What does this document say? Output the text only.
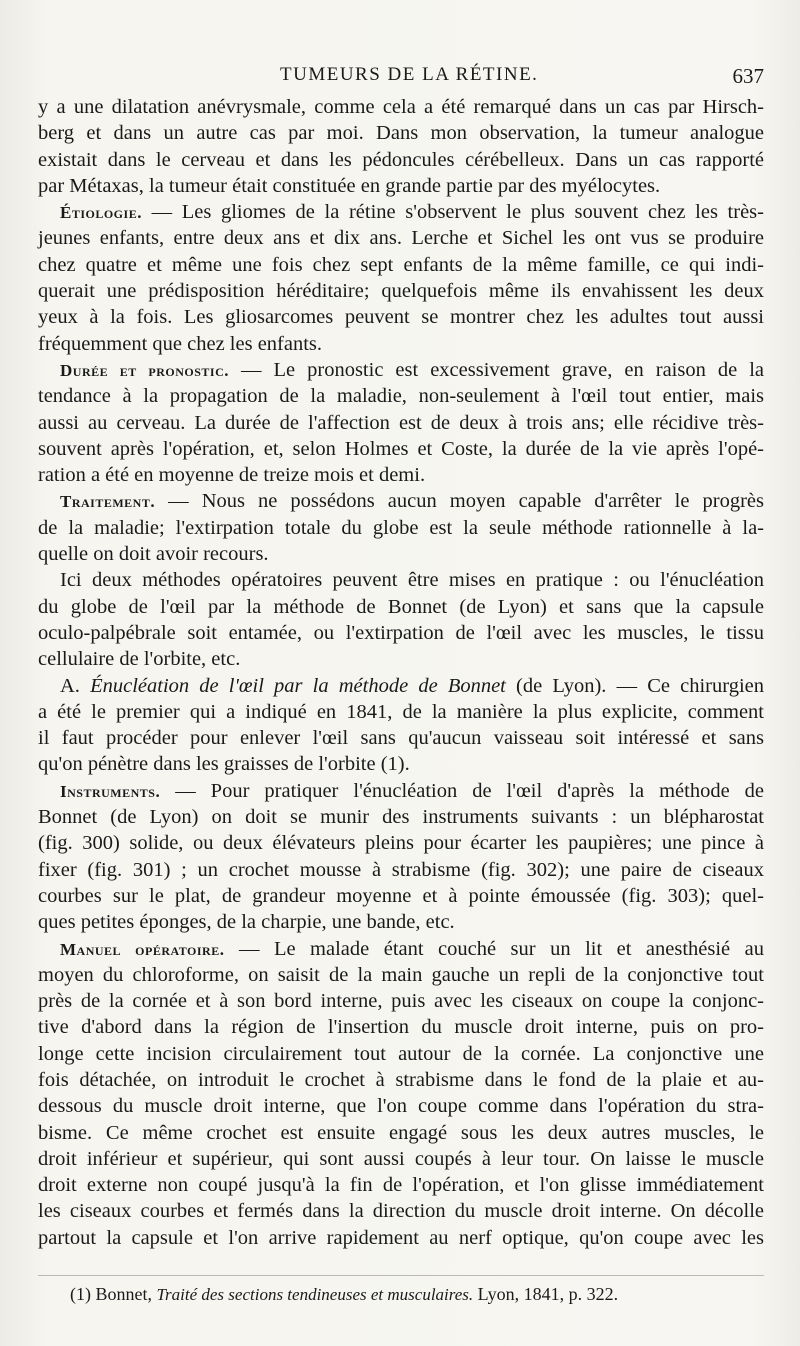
TUMEURS DE LA RÉTINE.	637
y a une dilatation anévrysmale, comme cela a été remarqué dans un cas par Hirsch-
berg et dans un autre cas par moi. Dans mon observation, la tumeur analogue
existait dans le cerveau et dans les pédoncules cérébelleux. Dans un cas rapporté
par Métaxas, la tumeur était constituée en grande partie par des myélocytes.
Étiologie. — Les gliomes de la rétine s'observent le plus souvent chez les très-
jeunes enfants, entre deux ans et dix ans. Lerche et Sichel les ont vus se produire
chez quatre et même une fois chez sept enfants de la même famille, ce qui indi-
querait une prédisposition héréditaire; quelquefois même ils envahissent les deux
yeux à la fois. Les gliosarcomes peuvent se montrer chez les adultes tout aussi
fréquemment que chez les enfants.
Durée et pronostic. — Le pronostic est excessivement grave, en raison de la
tendance à la propagation de la maladie, non-seulement à l'œil tout entier, mais
aussi au cerveau. La durée de l'affection est de deux à trois ans; elle récidive très-
souvent après l'opération, et, selon Holmes et Coste, la durée de la vie après l'opé-
ration a été en moyenne de treize mois et demi.
Traitement. — Nous ne possédons aucun moyen capable d'arrêter le progrès
de la maladie; l'extirpation totale du globe est la seule méthode rationnelle à la-
quelle on doit avoir recours.
Ici deux méthodes opératoires peuvent être mises en pratique : ou l'énucléation
du globe de l'œil par la méthode de Bonnet (de Lyon) et sans que la capsule
oculo-palpébrale soit entamée, ou l'extirpation de l'œil avec les muscles, le tissu
cellulaire de l'orbite, etc.
A. Énucléation de l'œil par la méthode de Bonnet (de Lyon). — Ce chirurgien
a été le premier qui a indiqué en 1841, de la manière la plus explicite, comment
il faut procéder pour enlever l'œil sans qu'aucun vaisseau soit intéressé et sans
qu'on pénètre dans les graisses de l'orbite (1).
Instruments. — Pour pratiquer l'énucléation de l'œil d'après la méthode de
Bonnet (de Lyon) on doit se munir des instruments suivants : un blépharostat
(fig. 300) solide, ou deux élévateurs pleins pour écarter les paupières; une pince à
fixer (fig. 301) ; un crochet mousse à strabisme (fig. 302); une paire de ciseaux
courbes sur le plat, de grandeur moyenne et à pointe émoussée (fig. 303); quel-
ques petites éponges, de la charpie, une bande, etc.
Manuel opératoire. — Le malade étant couché sur un lit et anesthésié au
moyen du chloroforme, on saisit de la main gauche un repli de la conjonctive tout
près de la cornée et à son bord interne, puis avec les ciseaux on coupe la conjonc-
tive d'abord dans la région de l'insertion du muscle droit interne, puis on pro-
longe cette incision circulairement tout autour de la cornée. La conjonctive une
fois détachée, on introduit le crochet à strabisme dans le fond de la plaie et au-
dessous du muscle droit interne, que l'on coupe comme dans l'opération du stra-
bisme. Ce même crochet est ensuite engagé sous les deux autres muscles, le
droit inférieur et supérieur, qui sont aussi coupés à leur tour. On laisse le muscle
droit externe non coupé jusqu'à la fin de l'opération, et l'on glisse immédiatement
les ciseaux courbes et fermés dans la direction du muscle droit interne. On décolle
partout la capsule et l'on arrive rapidement au nerf optique, qu'on coupe avec les
(1) Bonnet, Traité des sections tendineuses et musculaires. Lyon, 1841, p. 322.
